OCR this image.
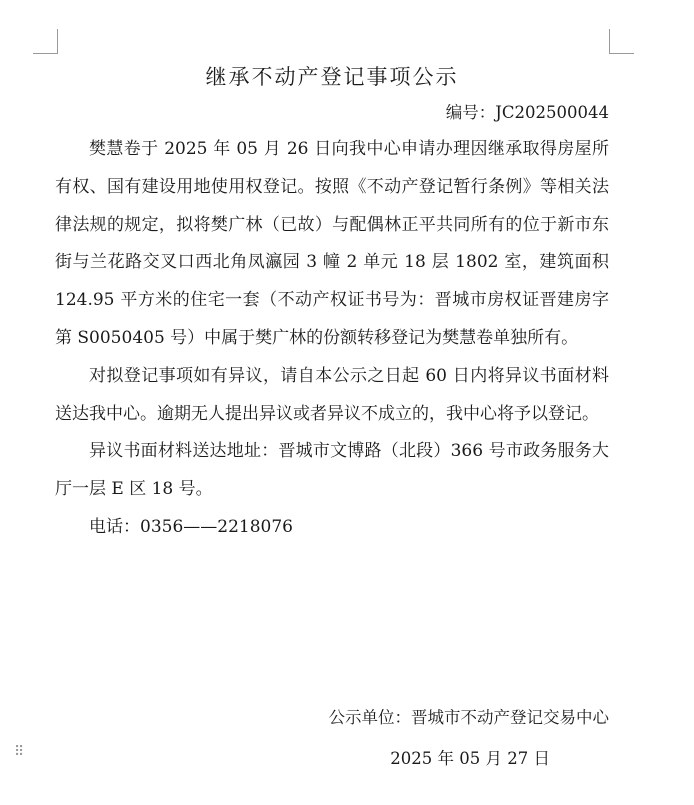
⠿
继承不动产登记事项公示
编号：JC202500044

樊慧卷于 2025 年 05 月 26 日向我中心申请办理因继承取得房屋所有权、国有建设用地使用权登记。按照《不动产登记暂行条例》等相关法律法规的规定，拟将樊广林（已故）与配偶林正平共同所有的位于新市东街与兰花路交叉口西北角凤瀛园 3 幢 2 单元 18 层 1802 室，建筑面积 124.95 平方米的住宅一套（不动产权证书号为：晋城市房权证晋建房字第 S0050405 号）中属于樊广林的份额转移登记为樊慧卷单独所有。

对拟登记事项如有异议，请自本公示之日起 60 日内将异议书面材料送达我中心。逾期无人提出异议或者异议不成立的，我中心将予以登记。

异议书面材料送达地址：晋城市文博路（北段）366 号市政务服务大厅一层 E 区 18 号。

电话：0356——2218076

公示单位：晋城市不动产登记交易中心

2025 年 05 月 27 日
